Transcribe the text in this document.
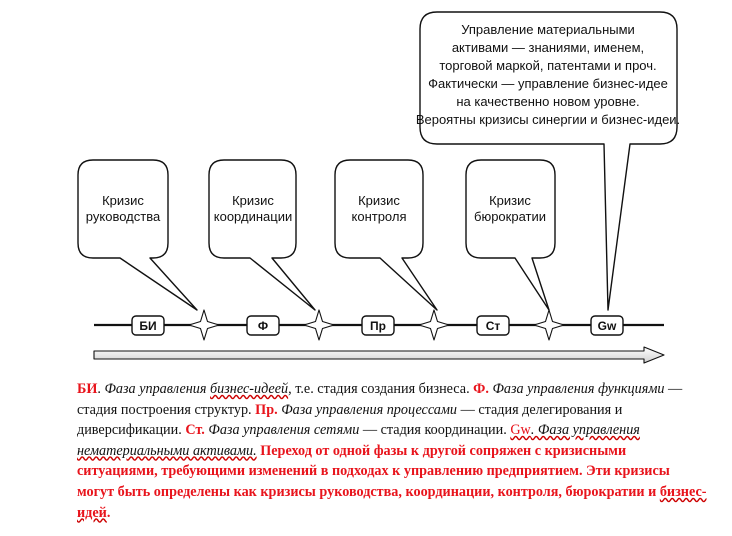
Кризис
руководства
Кризис
координации
Кризис
контроля
Кризис
бюрократии
Управление материальными
активами — знаниями, именем,
торговой маркой, патентами и проч.
Фактически — управление бизнес-идее
на качественно новом уровне.
Вероятны кризисы синергии и бизнес-идеи.
БИ	Ф	Пр	Ст	Gw
БИ. Фаза управления бизнес-идеей, т.е. стадия создания бизнеса. Ф. Фаза управления функциями — стадия построения структур. Пр. Фаза управления процессами — стадия делегирования и диверсификации. Ст. Фаза управления сетями — стадия координации. Gw. Фаза управления нематериальными активами. Переход от одной фазы к другой сопряжен с кризисными ситуациями, требующими изменений в подходах к управлению предприятием. Эти кризисы могут быть определены как кризисы руководства, координации, контроля, бюрократии и бизнес-идей.
